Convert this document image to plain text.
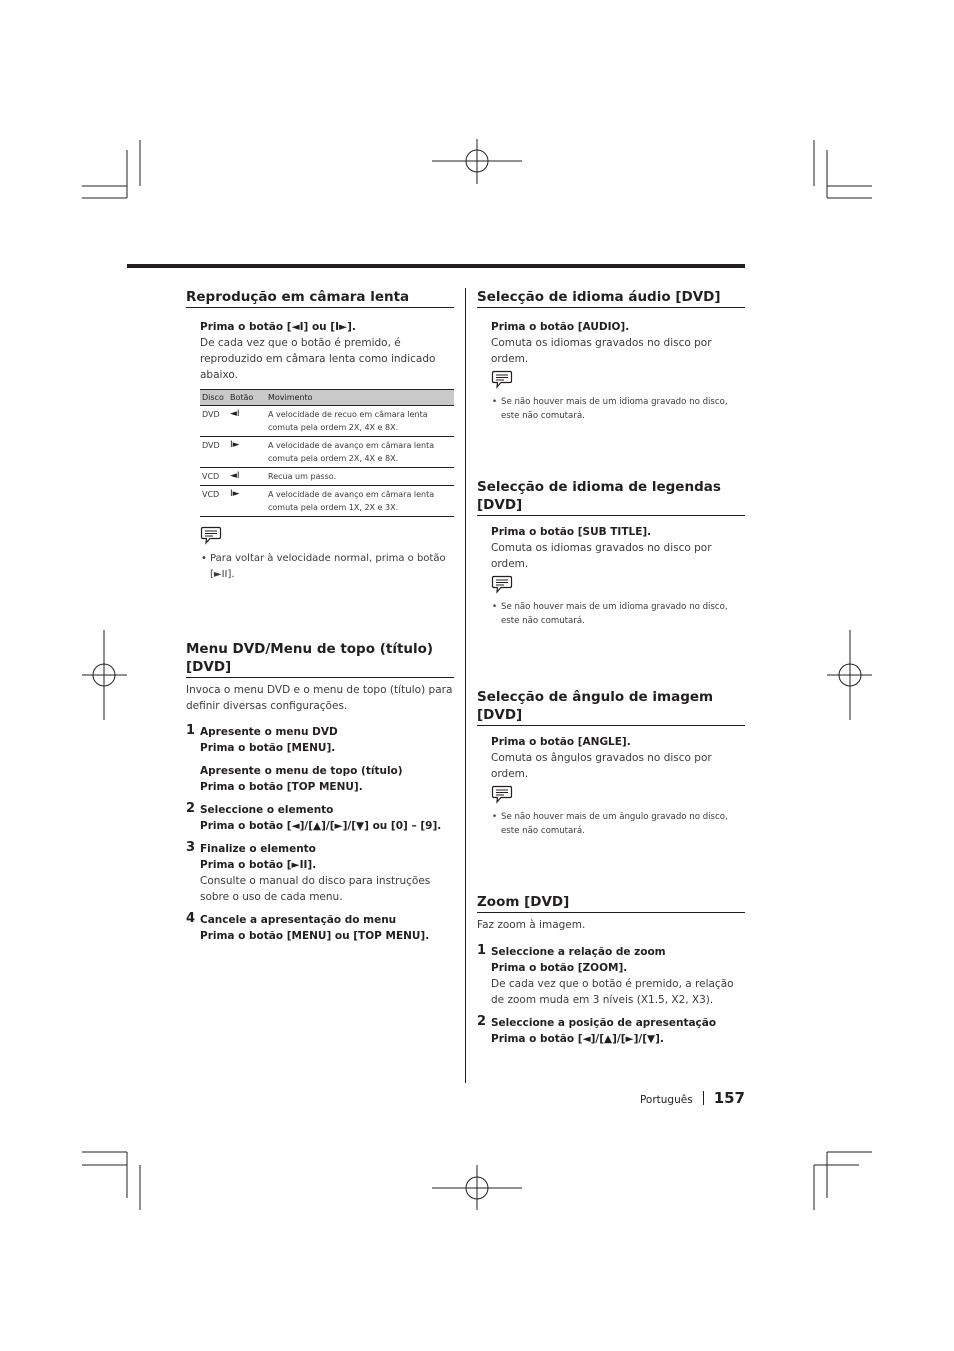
Reprodução em câmara lenta
Prima o botão [◄I] ou [I►].
De cada vez que o botão é premido, é reproduzido em câmara lenta como indicado abaixo.
Disco	Botão	Movimento
DVD	◄I	A velocidade de recuo em câmara lenta comuta pela ordem 2X, 4X e 8X.
DVD	I►	A velocidade de avanço em câmara lenta comuta pela ordem 2X, 4X e 8X.
VCD	◄I	Recua um passo.
VCD	I►	A velocidade de avanço em câmara lenta comuta pela ordem 1X, 2X e 3X.
• Para voltar à velocidade normal, prima o botão [►II].
Menu DVD/Menu de topo (título) [DVD]
Invoca o menu DVD e o menu de topo (título) para definir diversas configurações.
1 Apresente o menu DVD
Prima o botão [MENU].
Apresente o menu de topo (título)
Prima o botão [TOP MENU].
2 Seleccione o elemento
Prima o botão [◄]/[▲]/[►]/[▼] ou [0] – [9].
3 Finalize o elemento
Prima o botão [►II].
Consulte o manual do disco para instruções sobre o uso de cada menu.
4 Cancele a apresentação do menu
Prima o botão [MENU] ou [TOP MENU].
Selecção de idioma áudio [DVD]
Prima o botão [AUDIO].
Comuta os idiomas gravados no disco por ordem.
• Se não houver mais de um idioma gravado no disco, este não comutará.
Selecção de idioma de legendas [DVD]
Prima o botão [SUB TITLE].
Comuta os idiomas gravados no disco por ordem.
• Se não houver mais de um idioma gravado no disco, este não comutará.
Selecção de ângulo de imagem [DVD]
Prima o botão [ANGLE].
Comuta os ângulos gravados no disco por ordem.
• Se não houver mais de um ângulo gravado no disco, este não comutará.
Zoom [DVD]
Faz zoom à imagem.
1 Seleccione a relação de zoom
Prima o botão [ZOOM].
De cada vez que o botão é premido, a relação de zoom muda em 3 níveis (X1.5, X2, X3).
2 Seleccione a posição de apresentação
Prima o botão [◄]/[▲]/[►]/[▼].
Português 157
